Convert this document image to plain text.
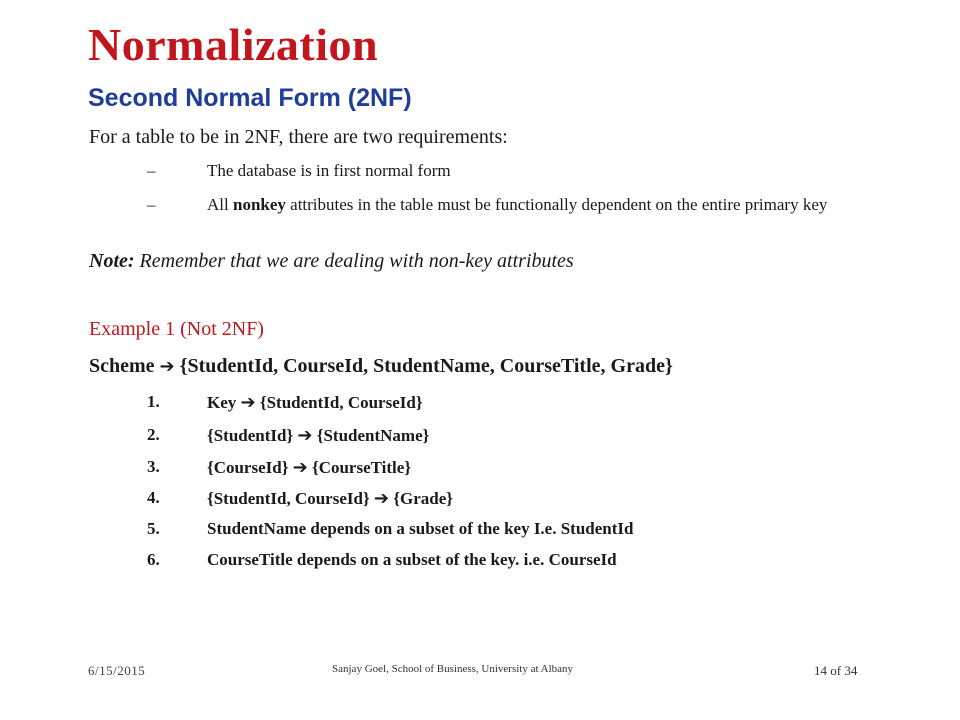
Normalization
Second Normal Form (2NF)
For a table to be in 2NF, there are two requirements:
–	The database is in first normal form
–	All nonkey attributes in the table must be functionally dependent on the entire primary key
Note: Remember that we are dealing with non-key attributes
Example 1 (Not 2NF)
Scheme ➔ {StudentId, CourseId, StudentName, CourseTitle, Grade}
1.	Key ➔ {StudentId, CourseId}
2.	{StudentId} ➔ {StudentName}
3.	{CourseId} ➔ {CourseTitle}
4.	{StudentId, CourseId} ➔ {Grade}
5.	StudentName depends on a subset of the key I.e. StudentId
6.	CourseTitle depends on a subset of the key. i.e. CourseId
6/15/2015	Sanjay Goel, School of Business, University at Albany	14 of 34
